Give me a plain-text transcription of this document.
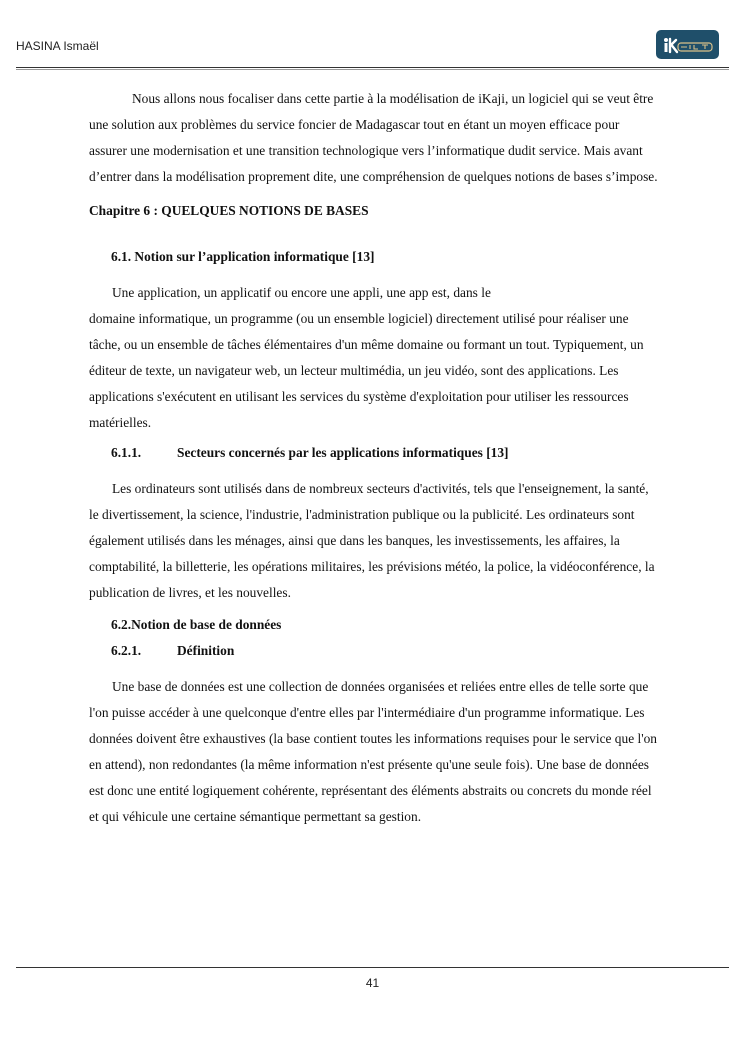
HASINA Ismaël

Nous allons nous focaliser dans cette partie à la modélisation de iKaji, un logiciel qui se veut être une solution aux problèmes du service foncier de Madagascar tout en étant un moyen efficace pour assurer une modernisation et une transition technologique vers l’informatique dudit service. Mais avant d’entrer dans la modélisation proprement dite, une compréhension de quelques notions de bases s’impose.

Chapitre 6 : QUELQUES NOTIONS DE BASES

6.1. Notion sur l’application informatique [13]

Une application, un applicatif ou encore une appli, une app est, dans le

domaine informatique, un programme (ou un ensemble logiciel) directement utilisé pour réaliser une tâche, ou un ensemble de tâches élémentaires d'un même domaine ou formant un tout. Typiquement, un éditeur de texte, un navigateur web, un lecteur multimédia, un jeu vidéo, sont des applications. Les applications s'exécutent en utilisant les services du système d'exploitation pour utiliser les ressources matérielles.

6.1.1.	Secteurs concernés par les applications informatiques [13]

Les ordinateurs sont utilisés dans de nombreux secteurs d'activités, tels que l'enseignement, la santé, le divertissement, la science, l'industrie, l'administration publique ou la publicité. Les ordinateurs sont également utilisés dans les ménages, ainsi que dans les banques, les investissements, les affaires, la comptabilité, la billetterie, les opérations militaires, les prévisions météo, la police, la vidéoconférence, la publication de livres, et les nouvelles.

6.2.Notion de base de données

6.2.1.	Définition

Une base de données est une collection de données organisées et reliées entre elles de telle sorte que l'on puisse accéder à une quelconque d'entre elles par l'intermédiaire d'un programme informatique. Les données doivent être exhaustives (la base contient toutes les informations requises pour le service que l'on en attend), non redondantes (la même information n'est présente qu'une seule fois). Une base de données est donc une entité logiquement cohérente, représentant des éléments abstraits ou concrets du monde réel et qui véhicule une certaine sémantique permettant sa gestion.

41
